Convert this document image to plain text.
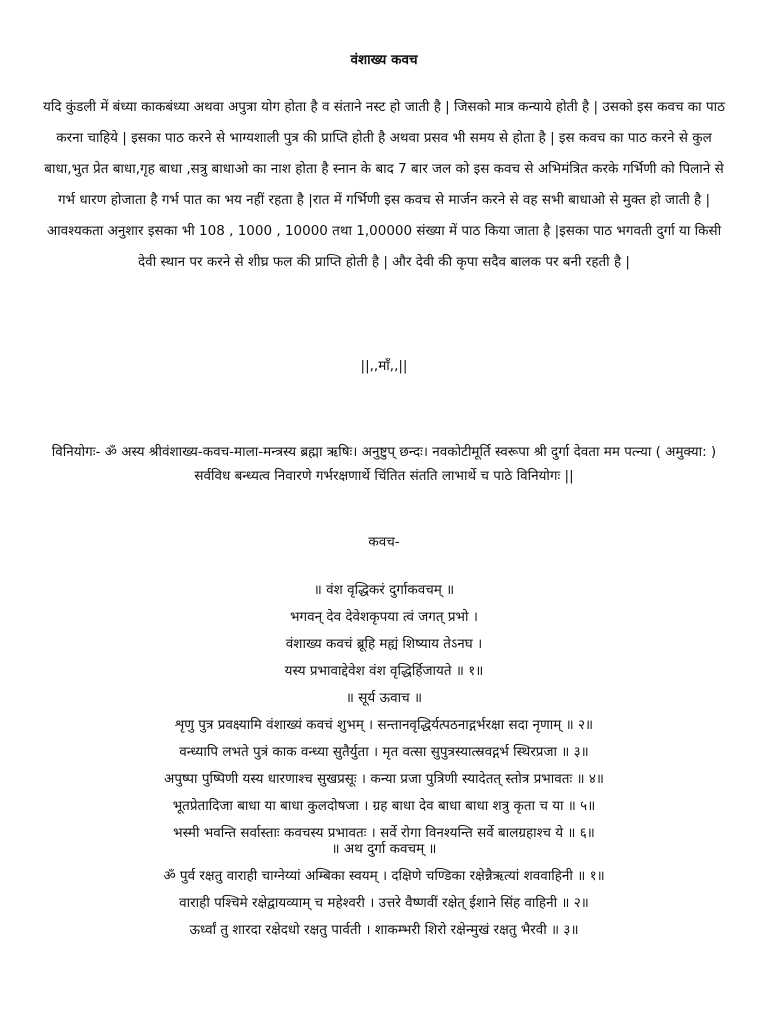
वंशाख्य कवच

यदि कुंडली में बंध्या काकबंध्या अथवा अपुत्रा योग होता है व संताने नस्ट हो जाती है | जिसको मात्र कन्याये होती है | उसको इस कवच का पाठ करना चाहिये | इसका पाठ करने से भाग्यशाली पुत्र की प्राप्ति होती है अथवा प्रसव भी समय से होता है | इस कवच का पाठ करने से कुल बाधा,भुत प्रेत बाधा,गृह बाधा ,सत्रु बाधाओ का नाश होता है स्नान के बाद 7 बार जल को इस कवच से अभिमंत्रित करके गर्भिणी को पिलाने से गर्भ धारण होजाता है गर्भ पात का भय नहीं रहता है |रात में गर्भिणी इस कवच से मार्जन करने से वह सभी बाधाओ से मुक्त हो जाती है | आवश्यकता अनुशार इसका भी 108 , 1000 , 10000 तथा 1,00000 संख्या में पाठ किया जाता है |इसका पाठ भगवती दुर्गा या किसी देवी स्थान पर करने से शीघ्र फल की प्राप्ति होती है | और देवी की कृपा सदैव बालक पर बनी रहती है |

||,,माँ,,||
विनियोगः- ॐ अस्य श्रीवंशाख्य-कवच-माला-मन्त्रस्य ब्रह्मा ऋषिः। अनुष्टुप् छन्दः। नवकोटीमूर्ति स्वरूपा श्री दुर्गा देवता मम पत्न्या ( अमुक्या: ) सर्वविध बन्ध्यत्व निवारणे गर्भरक्षणार्थे चिंतित संतति लाभार्थे च पाठे विनियोगः ||
कवच-
॥ वंश वृद्धिकरं दुर्गाकवचम् ॥
भगवन् देव देवेशकृपया त्वं जगत् प्रभो ।
वंशाख्य कवचं ब्रूहि मह्यं शिष्याय तेऽनघ ।
यस्य प्रभावाद्देवेश वंश वृद्धिर्हिजायते ॥ १॥
॥ सूर्य ऊवाच ॥
शृणु पुत्र प्रवक्ष्यामि वंशाख्यं कवचं शुभम् । सन्तानवृद्धिर्यत्पठनाद्गर्भरक्षा सदा नृणाम् ॥ २॥
वन्ध्यापि लभते पुत्रं काक वन्ध्या सुतैर्युता । मृत वत्सा सुपुत्रस्यात्स्रवद्गर्भ स्थिरप्रजा ॥ ३॥
अपुष्पा पुष्पिणी यस्य धारणाश्च सुखप्रसूः । कन्या प्रजा पुत्रिणी स्यादेतत् स्तोत्र प्रभावतः ॥ ४॥
भूतप्रेतादिजा बाधा या बाधा कुलदोषजा । ग्रह बाधा देव बाधा बाधा शत्रु कृता च या ॥ ५॥
भस्मी भवन्ति सर्वास्ताः कवचस्य प्रभावतः । सर्वे रोगा विनश्यन्ति सर्वे बालग्रहाश्च ये ॥ ६॥
॥ अथ दुर्गा कवचम् ॥
ॐ पुर्व रक्षतु वाराही चाग्नेय्यां अम्बिका स्वयम् । दक्षिणे चण्डिका रक्षेन्नैऋत्यां शववाहिनी ॥ १॥
वाराही पश्चिमे रक्षेद्वायव्याम् च महेश्वरी । उत्तरे वैष्णवीं रक्षेत् ईशाने सिंह वाहिनी ॥ २॥
ऊर्ध्वां तु शारदा रक्षेदधो रक्षतु पार्वती । शाकम्भरी शिरो रक्षेन्मुखं रक्षतु भैरवी ॥ ३॥
